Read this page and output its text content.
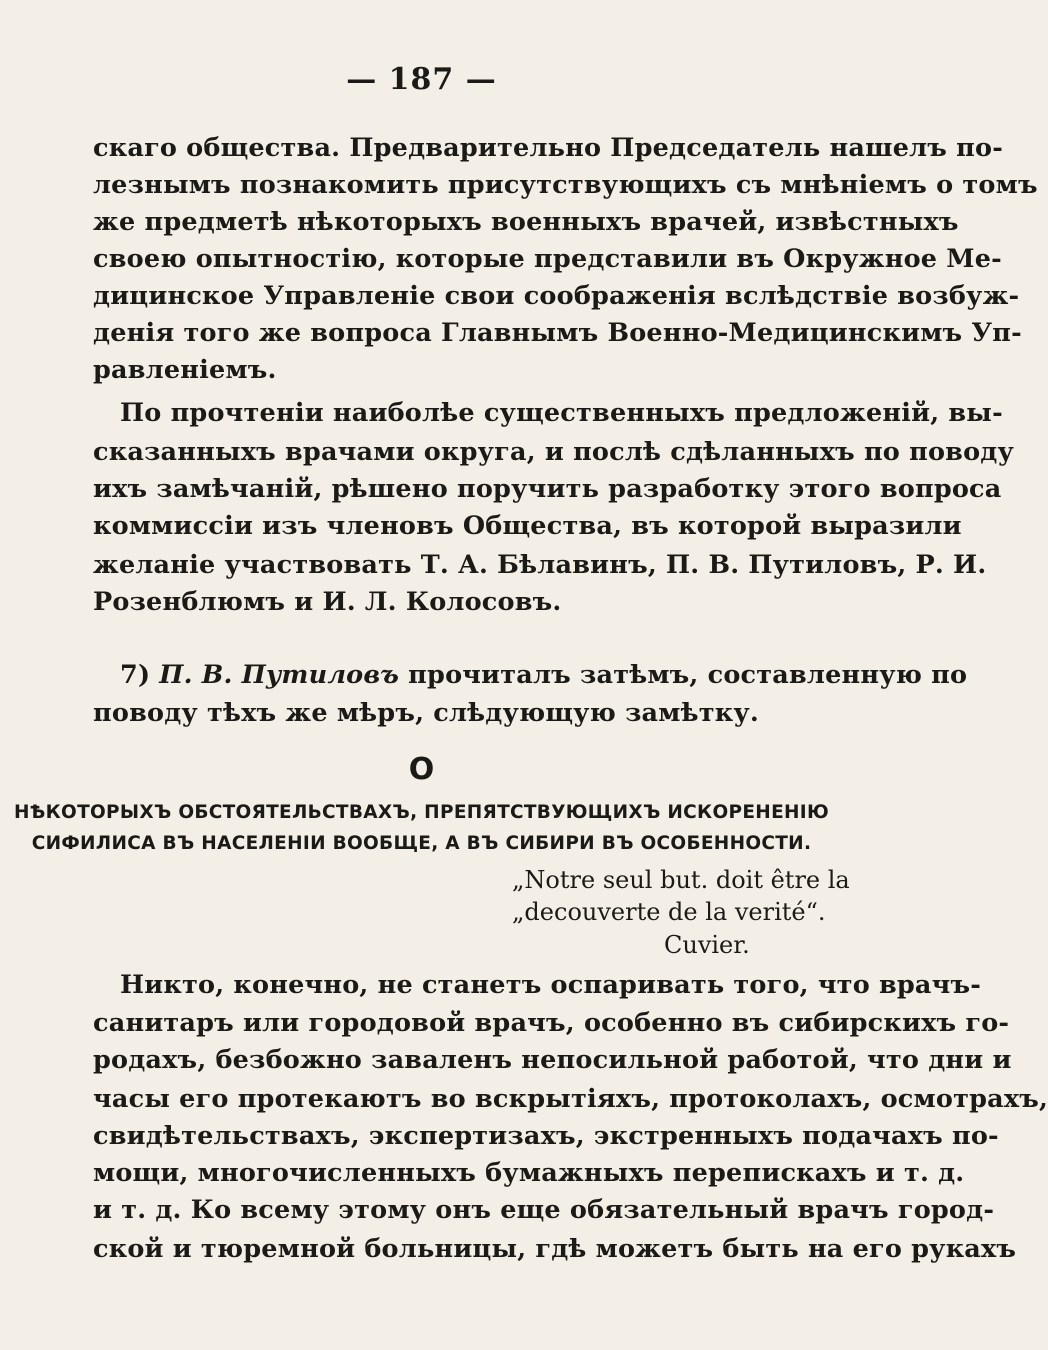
— 187 —
скаго общества. Предварительно Председатель нашелъ по-
лезнымъ познакомить присутствующихъ съ мнѣніемъ о томъ
же предметѣ нѣкоторыхъ военныхъ врачей, извѣстныхъ
своею опытностію, которые представили въ Окружное Ме-
дицинское Управленіе свои соображенія вслѣдствіе возбуж-
денія того же вопроса Главнымъ Военно-Медицинскимъ Уп-
равленіемъ.
По прочтеніи наиболѣе существенныхъ предложеній, вы-
сказанныхъ врачами округа, и послѣ сдѣланныхъ по поводу
ихъ замѣчаній, рѣшено поручить разработку этого вопроса
коммиссіи изъ членовъ Общества, въ которой выразили
желаніе участвовать Т. А. Бѣлавинъ, П. В. Путиловъ, Р. И.
Розенблюмъ и И. Л. Колосовъ.
7) П. В. Путиловъ прочиталъ затѣмъ, составленную по
поводу тѣхъ же мѣръ, слѣдующую замѣтку.
О
НѢКОТОРЫХЪ ОБСТОЯТЕЛЬСТВАХЪ, ПРЕПЯТСТВУЮЩИХЪ ИСКОРЕНЕНІЮ
СИФИЛИСА ВЪ НАСЕЛЕНІИ ВООБЩЕ, А ВЪ СИБИРИ ВЪ ОСОБЕННОСТИ.
„Notre seul but. doit être la
„decouverte de la verité“.
Cuvier.
Никто, конечно, не станетъ оспаривать того, что врачъ-
санитаръ или городовой врачъ, особенно въ сибирскихъ го-
родахъ, безбожно заваленъ непосильной работой, что дни и
часы его протекаютъ во вскрытіяхъ, протоколахъ, осмотрахъ,
свидѣтельствахъ, экспертизахъ, экстренныхъ подачахъ по-
мощи, многочисленныхъ бумажныхъ перепискахъ и т. д.
и т. д. Ко всему этому онъ еще обязательный врачъ город-
ской и тюремной больницы, гдѣ можетъ быть на его рукахъ
